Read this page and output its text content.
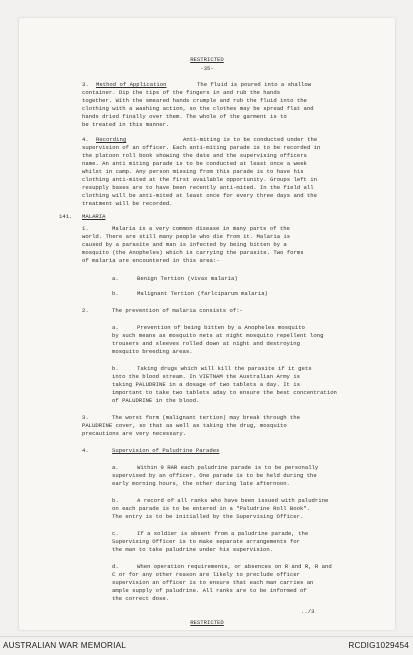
RESTRICTED
-35-
3. Method of Application	The fluid is poured into a shallow
container. Dip the tips of the fingers in and rub the hands
together. With the smeared hands crumple and rub the fluid into the
clothing with a washing action, so the clothes may be spread flat and
hands dried finally over them. The whole of the garment is to
be treated in this manner.
4. Recording	Anti-miting is to be conducted under the
supervision of an officer. Each anti-miting parade is to be recorded in
the platoon roll book showing the date and the supervising officers
name. An anti miting parade is to be conducted at least once a week
whilst in camp. Any person missing from this parade is to have his
clothing anti-mited at the first available opportunity. Groups left in
resupply bases are to have been recently anti-mited. In the field all
clothing will be anti-mited at least once for every three days and the
treatment will be recorded.
141. MALARIA
1.	Malaria is a very common disease in many parts of the
world. There are still many people who die from it. Malaria is
caused by a parasite and man is infected by being bitten by a
mosquito (the Anopheles) which is carrying the parasite. Two forms
of malaria are encountered in this area:-
a.	Benign Tertion (vivax malaria)
b.	Malignant Tertion (farlciparum malaria)
2.	The prevention of malaria consists of:-
a.	Prevention of being bitten by a Anopheles mosquito
by such means as mosquito nets at night mosquito repellent long
trousers and sleeves rolled down at night and destroying
mosquito breeding areas.
b.	Taking drugs which will kill the parasite if it gets
into the blood stream. In VIETNAM the Australian Army is
taking PALUDRINE in a dosage of two tablets a day. It is
important to take two tablets aday to ensure the best concentration
of PALUDRINE in the blood.
3.	The worst form (malignant tertion) may break through the
PALUDRINE cover, so that as well as taking the drug, mosquito
precautions are very necessary.
4.	Supervision of Paludrine Parades
a.	Within 9 RAR each paludrine parade is to be personally
supervised by an officer. One parade is to be held during the
early morning hours, the other during late afternoon.
b.	A record of all ranks who have been issued with paludrine
on each parade is to be entered in a "Paludrine Roll Book".
The entry is to be initialled by the Supervising Officer.
c.	If a soldier is absent from a paludrine parade, the
Supervising Officer is to make separate arrangements for
the man to take paludrine under his supervision.
d.	When operation requirements, or absences on R and R, R and
C or for any other reason are likely to preclude officer
supervision an officer is to ensure that each man carries an
ample supply of paludrine. All ranks are to be informed of
the correct dose.
../3
RESTRICTED
AUSTRALIAN WAR MEMORIAL	RCDIG1029454
